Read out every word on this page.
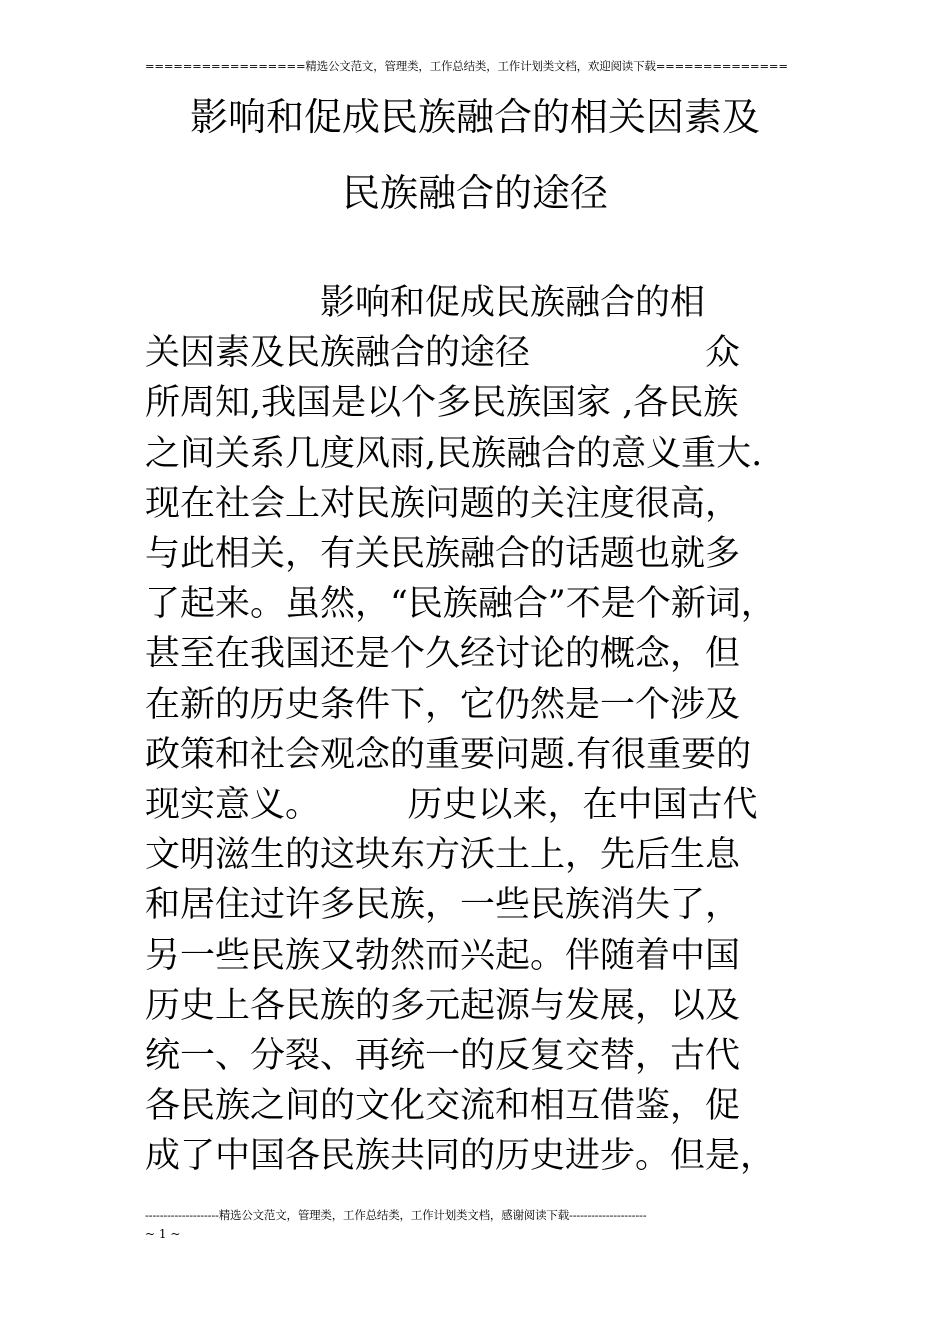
=================精选公文范文，管理类，工作总结类，工作计划类文档，欢迎阅读下载==============
影响和促成民族融合的相关因素及
民族融合的途径
　　　　　影响和促成民族融合的相
关因素及民族融合的途径　　　　　众
所周知,我国是以个多民族国家 ,各民族
之间关系几度风雨,民族融合的意义重大.
现在社会上对民族问题的关注度很高，
与此相关，有关民族融合的话题也就多
了起来。虽然，“民族融合”不是个新词，
甚至在我国还是个久经讨论的概念，但
在新的历史条件下，它仍然是一个涉及
政策和社会观念的重要问题.有很重要的
现实意义。　　　历史以来，在中国古代
文明滋生的这块东方沃土上，先后生息
和居住过许多民族，一些民族消失了，
另一些民族又勃然而兴起。伴随着中国
历史上各民族的多元起源与发展，以及
统一、分裂、再统一的反复交替，古代
各民族之间的文化交流和相互借鉴，促
成了中国各民族共同的历史进步。但是，
--------------------精选公文范文，管理类，工作总结类，工作计划类文档，感谢阅读下载---------------------
~ 1 ~
